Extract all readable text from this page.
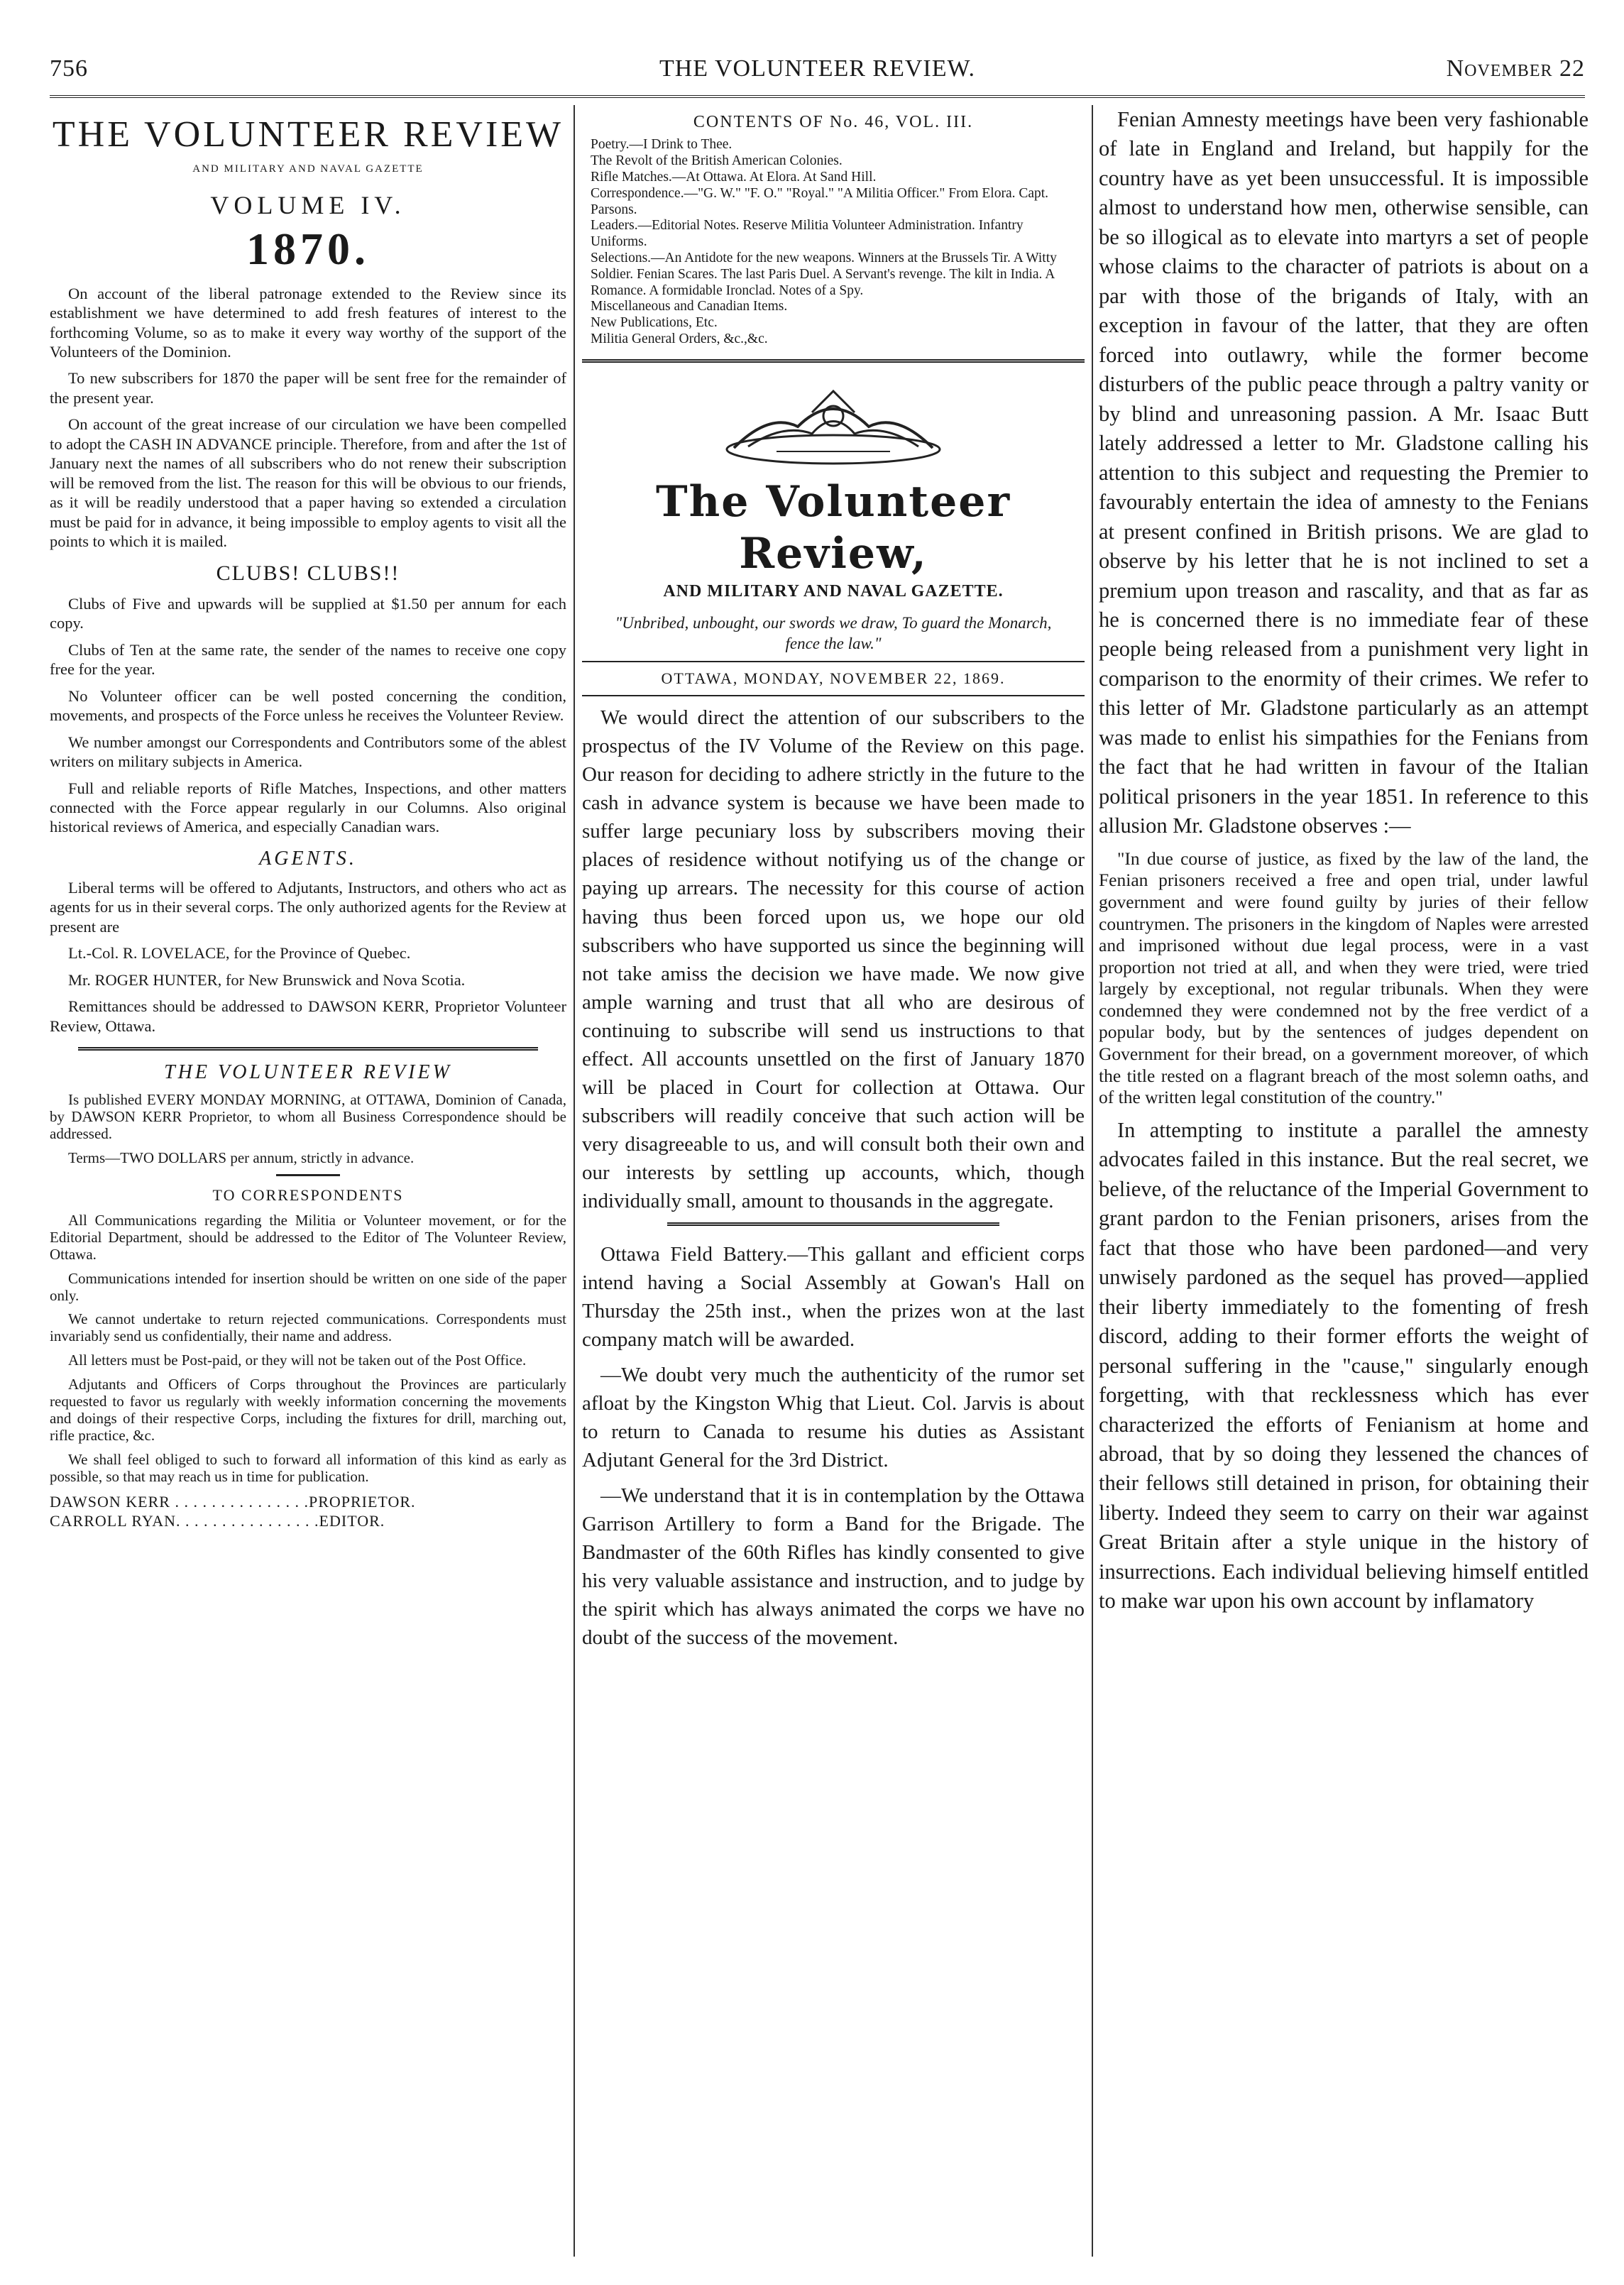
756	THE VOLUNTEER REVIEW.	November 22
THE VOLUNTEER REVIEW
AND MILITARY AND NAVAL GAZETTE
VOLUME IV.
1870.

On account of the liberal patronage extended to the Review since its establishment we have determined to add fresh features of interest to the forthcoming Volume, so as to make it every way worthy of the support of the Volunteers of the Dominion.

To new subscribers for 1870 the paper will be sent free for the remainder of the present year.

On account of the great increase of our circulation we have been compelled to adopt the CASH IN ADVANCE principle. Therefore, from and after the 1st of January next the names of all subscribers who do not renew their subscription will be removed from the list. The reason for this will be obvious to our friends, as it will be readily understood that a paper having so extended a circulation must be paid for in advance, it being impossible to employ agents to visit all the points to which it is mailed.

CLUBS! CLUBS!!

Clubs of Five and upwards will be supplied at $1.50 per annum for each copy.

Clubs of Ten at the same rate, the sender of the names to receive one copy free for the year.

No Volunteer officer can be well posted concerning the condition, movements, and prospects of the Force unless he receives the Volunteer Review.

We number amongst our Correspondents and Contributors some of the ablest writers on military subjects in America.

Full and reliable reports of Rifle Matches, Inspections, and other matters connected with the Force appear regularly in our Columns. Also original historical reviews of America, and especially Canadian wars.

AGENTS.

Liberal terms will be offered to Adjutants, Instructors, and others who act as agents for us in their several corps. The only authorized agents for the Review at present are

Lt.-Col. R. LOVELACE, for the Province of Quebec.

Mr. ROGER HUNTER, for New Brunswick and Nova Scotia.

Remittances should be addressed to DAWSON KERR, Proprietor Volunteer Review, Ottawa.

THE VOLUNTEER REVIEW

Is published EVERY MONDAY MORNING, at OTTAWA, Dominion of Canada, by DAWSON KERR Proprietor, to whom all Business Correspondence should be addressed.

Terms—TWO DOLLARS per annum, strictly in advance.

TO CORRESPONDENTS

All Communications regarding the Militia or Volunteer movement, or for the Editorial Department, should be addressed to the Editor of The Volunteer Review, Ottawa.

Communications intended for insertion should be written on one side of the paper only.

We cannot undertake to return rejected communications. Correspondents must invariably send us confidentially, their name and address.

All letters must be Post-paid, or they will not be taken out of the Post Office.

Adjutants and Officers of Corps throughout the Provinces are particularly requested to favor us regularly with weekly information concerning the movements and doings of their respective Corps, including the fixtures for drill, marching out, rifle practice, &c.

We shall feel obliged to such to forward all information of this kind as early as possible, so that may reach us in time for publication.

DAWSON KERR . . . . . . . . . . . . . . .PROPRIETOR.

CARROLL RYAN. . . . . . . . . . . . . . . .EDITOR.

CONTENTS OF No. 46, VOL. III.

Poetry.—I Drink to Thee.

The Revolt of the British American Colonies.

Rifle Matches.—At Ottawa. At Elora. At Sand Hill.

Correspondence.—"G. W." "F. O." "Royal." "A Militia Officer." From Elora. Capt. Parsons.

Leaders.—Editorial Notes. Reserve Militia Volunteer Administration. Infantry Uniforms.

Selections.—An Antidote for the new weapons. Winners at the Brussels Tir. A Witty Soldier. Fenian Scares. The last Paris Duel. A Servant's revenge. The kilt in India. A Romance. A formidable Ironclad. Notes of a Spy.

Miscellaneous and Canadian Items.

New Publications, Etc.

Militia General Orders, &c.,&c.

The Volunteer Review,
AND MILITARY AND NAVAL GAZETTE.
"Unbribed, unbought, our swords we draw, To guard the Monarch, fence the law."
OTTAWA, MONDAY, NOVEMBER 22, 1869.

We would direct the attention of our subscribers to the prospectus of the IV Volume of the Review on this page. Our reason for deciding to adhere strictly in the future to the cash in advance system is because we have been made to suffer large pecuniary loss by subscribers moving their places of residence without notifying us of the change or paying up arrears. The necessity for this course of action having thus been forced upon us, we hope our old subscribers who have supported us since the beginning will not take amiss the decision we have made. We now give ample warning and trust that all who are desirous of continuing to subscribe will send us instructions to that effect. All accounts unsettled on the first of January 1870 will be placed in Court for collection at Ottawa. Our subscribers will readily conceive that such action will be very disagreeable to us, and will consult both their own and our interests by settling up accounts, which, though individually small, amount to thousands in the aggregate.

Ottawa Field Battery.—This gallant and efficient corps intend having a Social Assembly at Gowan's Hall on Thursday the 25th inst., when the prizes won at the last company match will be awarded.

—We doubt very much the authenticity of the rumor set afloat by the Kingston Whig that Lieut. Col. Jarvis is about to return to Canada to resume his duties as Assistant Adjutant General for the 3rd District.

—We understand that it is in contemplation by the Ottawa Garrison Artillery to form a Band for the Brigade. The Bandmaster of the 60th Rifles has kindly consented to give his very valuable assistance and instruction, and to judge by the spirit which has always animated the corps we have no doubt of the success of the movement.

Fenian Amnesty meetings have been very fashionable of late in England and Ireland, but happily for the country have as yet been unsuccessful. It is impossible almost to understand how men, otherwise sensible, can be so illogical as to elevate into martyrs a set of people whose claims to the character of patriots is about on a par with those of the brigands of Italy, with an exception in favour of the latter, that they are often forced into outlawry, while the former become disturbers of the public peace through a paltry vanity or by blind and unreasoning passion. A Mr. Isaac Butt lately addressed a letter to Mr. Gladstone calling his attention to this subject and requesting the Premier to favourably entertain the idea of amnesty to the Fenians at present confined in British prisons. We are glad to observe by his letter that he is not inclined to set a premium upon treason and rascality, and that as far as he is concerned there is no immediate fear of these people being released from a punishment very light in comparison to the enormity of their crimes. We refer to this letter of Mr. Gladstone particularly as an attempt was made to enlist his simpathies for the Fenians from the fact that he had written in favour of the Italian political prisoners in the year 1851. In reference to this allusion Mr. Gladstone observes :—

"In due course of justice, as fixed by the law of the land, the Fenian prisoners received a free and open trial, under lawful government and were found guilty by juries of their fellow countrymen. The prisoners in the kingdom of Naples were arrested and imprisoned without due legal process, were in a vast proportion not tried at all, and when they were tried, were tried largely by exceptional, not regular tribunals. When they were condemned they were condemned not by the free verdict of a popular body, but by the sentences of judges dependent on Government for their bread, on a government moreover, of which the title rested on a flagrant breach of the most solemn oaths, and of the written legal constitution of the country."

In attempting to institute a parallel the amnesty advocates failed in this instance. But the real secret, we believe, of the reluctance of the Imperial Government to grant pardon to the Fenian prisoners, arises from the fact that those who have been pardoned—and very unwisely pardoned as the sequel has proved—applied their liberty immediately to the fomenting of fresh discord, adding to their former efforts the weight of personal suffering in the "cause," singularly enough forgetting, with that recklessness which has ever characterized the efforts of Fenianism at home and abroad, that by so doing they lessened the chances of their fellows still detained in prison, for obtaining their liberty. Indeed they seem to carry on their war against Great Britain after a style unique in the history of insurrections. Each individual believing himself entitled to make war upon his own account by inflamatory
